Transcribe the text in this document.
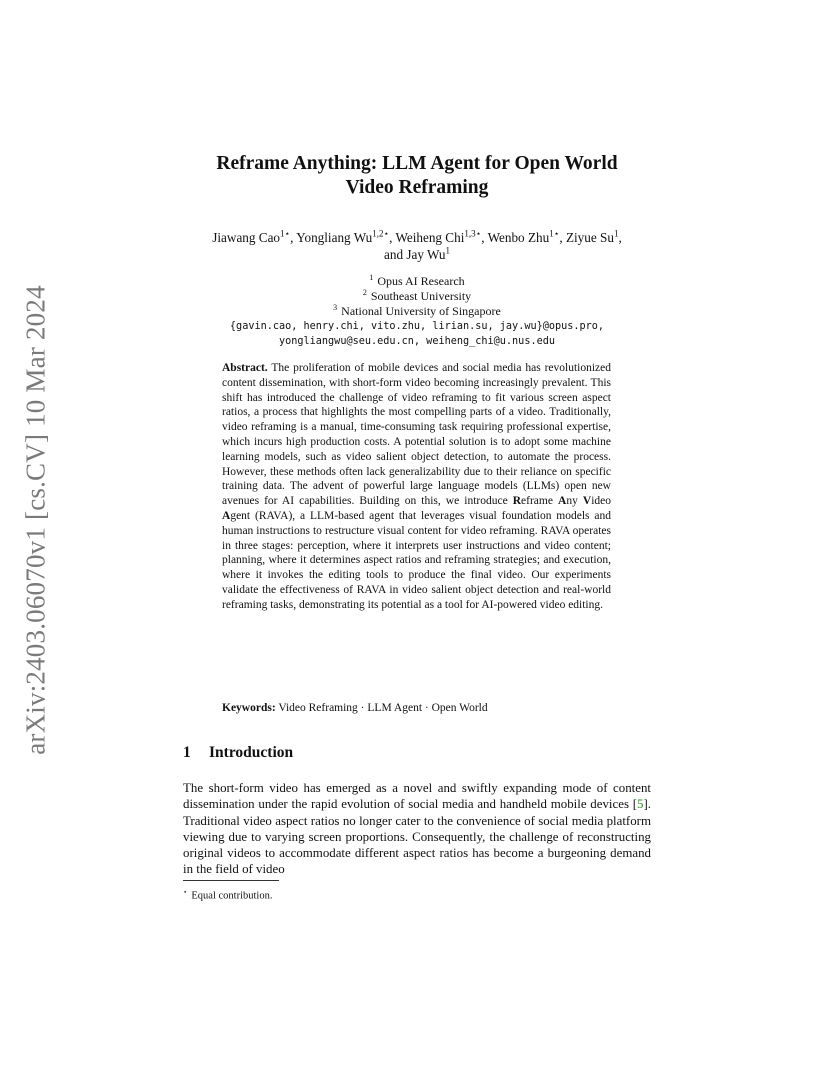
arXiv:2403.06070v1 [cs.CV] 10 Mar 2024
Reframe Anything: LLM Agent for Open World
Video Reframing
Jiawang Cao$^{1⋆}$, Yongliang $Wu^{1,2⋆}$, Weiheng Chi$^{1,3⋆}$, Wenbo Zhu$^{1⋆}$, Ziyue Su$^1$,
and Jay Wu$^1$
$^1$ Opus AI Research
$^2$ Southeast University
$^3$ National University of Singapore
{gavin.cao, henry.chi, vito.zhu, lirian.su, jay.wu}@opus.pro,
yongliangwu@seu.edu.cn, weiheng_chi@u.nus.edu

Abstract. The proliferation of mobile devices and social media has revolutionized content dissemination, with short-form video becoming increasingly prevalent. This shift has introduced the challenge of video reframing to fit various screen aspect ratios, a process that highlights the most compelling parts of a video. Traditionally, video reframing is a manual, time-consuming task requiring professional expertise, which incurs high production costs. A potential solution is to adopt some machine learning models, such as video salient object detection, to automate the process. However, these methods often lack generalizability due to their reliance on specific training data. The advent of powerful large language models (LLMs) open new avenues for AI capabilities. Building on this, we introduce Reframe Any Video Agent (RAVA), a LLM-based agent that leverages visual foundation models and human instructions to restructure visual content for video reframing. RAVA operates in three stages: perception, where it interprets user instructions and video content; planning, where it determines aspect ratios and reframing strategies; and execution, where it invokes the editing tools to produce the final video. Our experiments validate the effectiveness of RAVA in video salient object detection and real-world reframing tasks, demonstrating its potential as a tool for AI-powered video editing.

Keywords: Video Reframing · LLM Agent · Open World
1 Introduction

The short-form video has emerged as a novel and swiftly expanding mode of content dissemination under the rapid evolution of social media and handheld mobile devices [5]. Traditional video aspect ratios no longer cater to the convenience of social media platform viewing due to varying screen proportions. Consequently, the challenge of reconstructing original videos to accommodate different aspect ratios has become a burgeoning demand in the field of video

⋆ Equal contribution.
